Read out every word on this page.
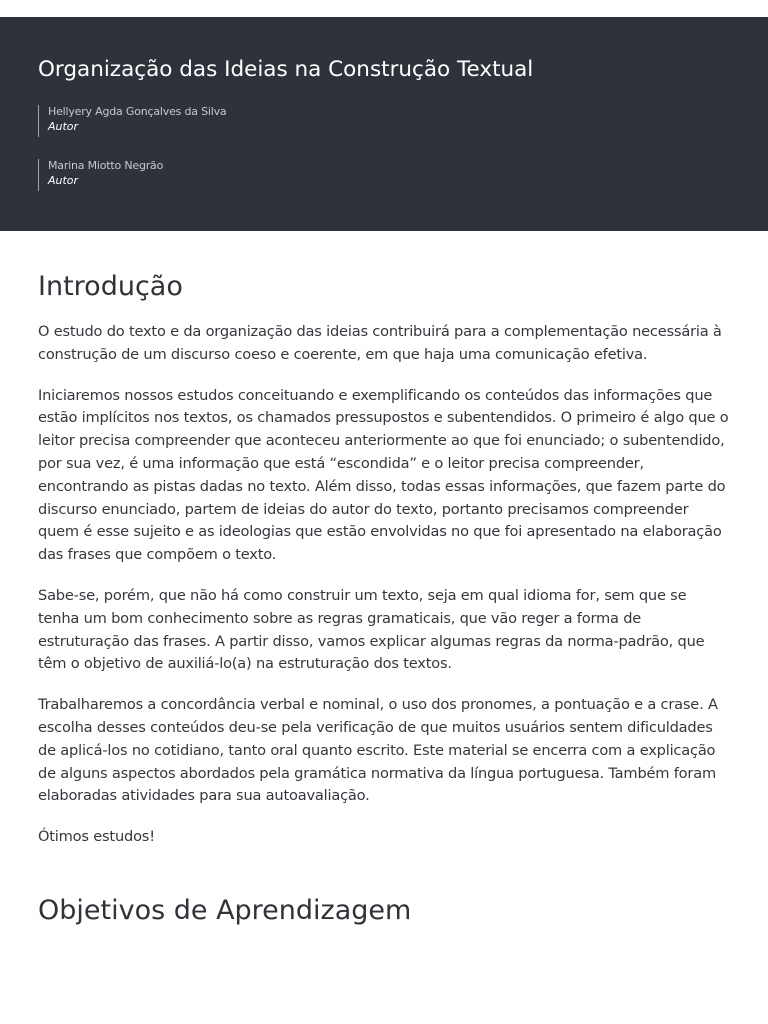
Organização das Ideias na Construção Textual
Hellyery Agda Gonçalves da Silva
Autor
Marina Miotto Negrão
Autor
Introdução

O estudo do texto e da organização das ideias contribuirá para a complementação necessária à construção de um discurso coeso e coerente, em que haja uma comunicação efetiva.

Iniciaremos nossos estudos conceituando e exemplificando os conteúdos das informações que estão implícitos nos textos, os chamados pressupostos e subentendidos. O primeiro é algo que o leitor precisa compreender que aconteceu anteriormente ao que foi enunciado; o subentendido, por sua vez, é uma informação que está “escondida” e o leitor precisa compreender, encontrando as pistas dadas no texto. Além disso, todas essas informações, que fazem parte do discurso enunciado, partem de ideias do autor do texto, portanto precisamos compreender quem é esse sujeito e as ideologias que estão envolvidas no que foi apresentado na elaboração das frases que compõem o texto.

Sabe-se, porém, que não há como construir um texto, seja em qual idioma for, sem que se tenha um bom conhecimento sobre as regras gramaticais, que vão reger a forma de estruturação das frases. A partir disso, vamos explicar algumas regras da norma-padrão, que têm o objetivo de auxiliá-lo(a) na estruturação dos textos.

Trabalharemos a concordância verbal e nominal, o uso dos pronomes, a pontuação e a crase. A escolha desses conteúdos deu-se pela verificação de que muitos usuários sentem dificuldades de aplicá-los no cotidiano, tanto oral quanto escrito. Este material se encerra com a explicação de alguns aspectos abordados pela gramática normativa da língua portuguesa. Também foram elaboradas atividades para sua autoavaliação.

Ótimos estudos!

Objetivos de Aprendizagem
